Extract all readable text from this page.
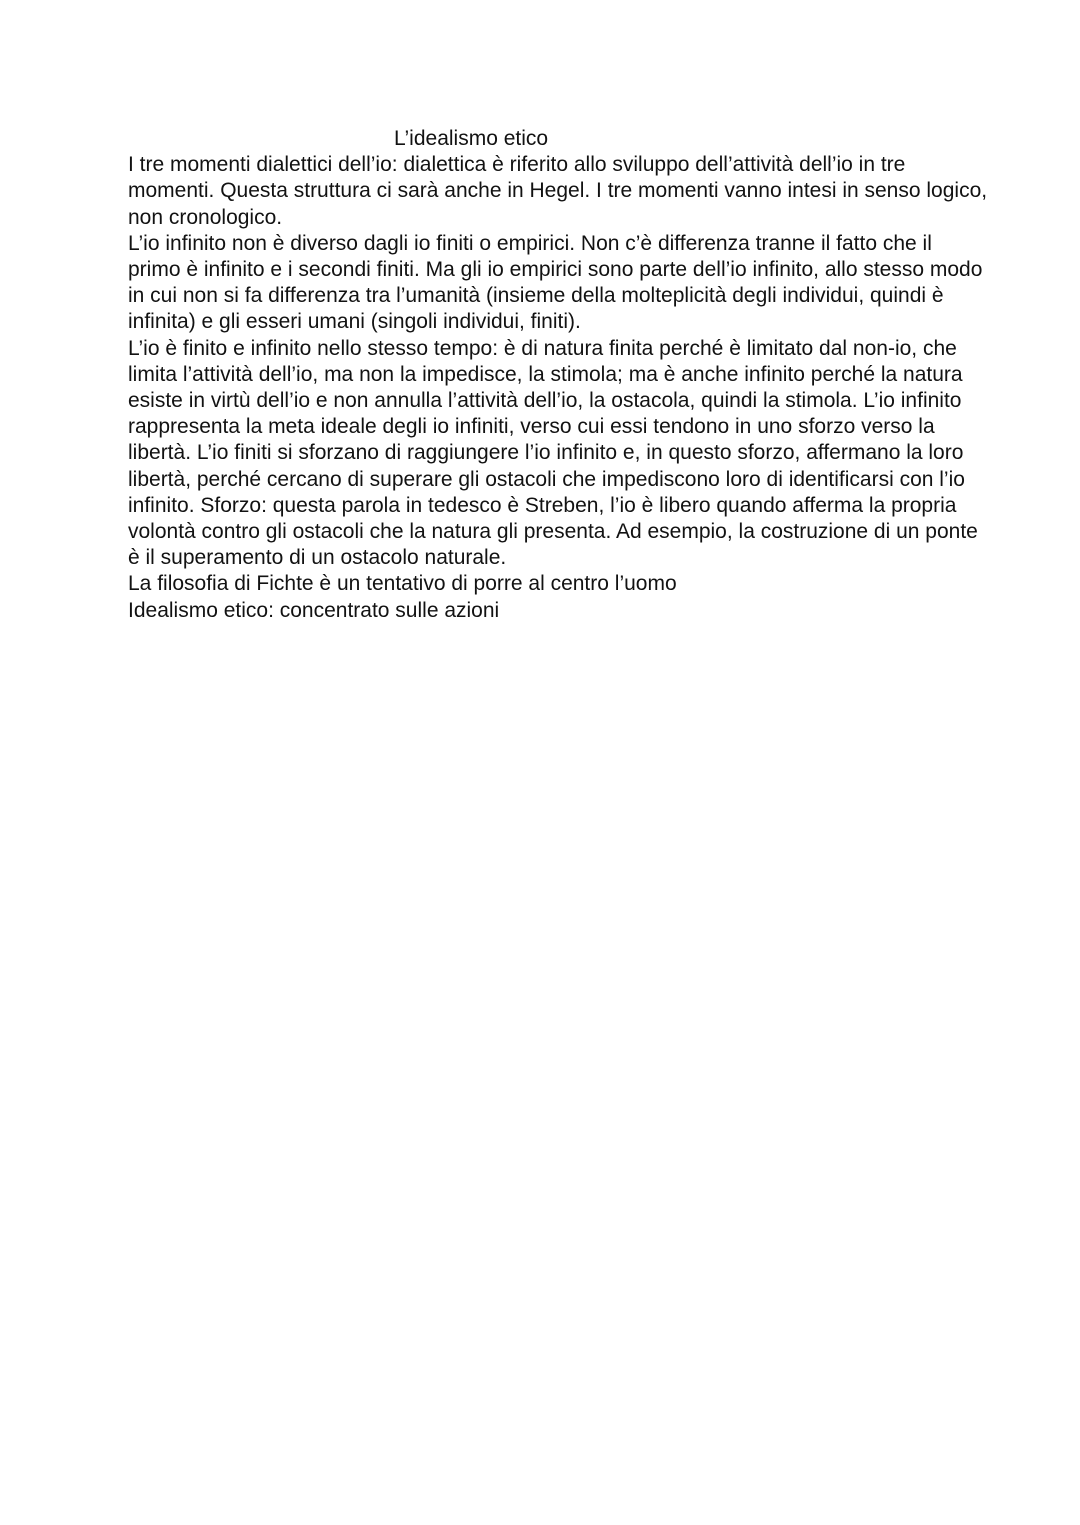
L’idealismo etico
I tre momenti dialettici dell’io: dialettica è riferito allo sviluppo dell’attività dell’io in tre
momenti. Questa struttura ci sarà anche in Hegel. I tre momenti vanno intesi in senso logico,
non cronologico.
L’io infinito non è diverso dagli io finiti o empirici. Non c’è differenza tranne il fatto che il
primo è infinito e i secondi finiti. Ma gli io empirici sono parte dell’io infinito, allo stesso modo
in cui non si fa differenza tra l’umanità (insieme della molteplicità degli individui, quindi è
infinita) e gli esseri umani (singoli individui, finiti).
L’io è finito e infinito nello stesso tempo: è di natura finita perché è limitato dal non-io, che
limita l’attività dell’io, ma non la impedisce, la stimola; ma è anche infinito perché la natura
esiste in virtù dell’io e non annulla l’attività dell’io, la ostacola, quindi la stimola. L’io infinito
rappresenta la meta ideale degli io infiniti, verso cui essi tendono in uno sforzo verso la
libertà. L’io finiti si sforzano di raggiungere l’io infinito e, in questo sforzo, affermano la loro
libertà, perché cercano di superare gli ostacoli che impediscono loro di identificarsi con l’io
infinito. Sforzo: questa parola in tedesco è Streben, l’io è libero quando afferma la propria
volontà contro gli ostacoli che la natura gli presenta. Ad esempio, la costruzione di un ponte
è il superamento di un ostacolo naturale.
La filosofia di Fichte è un tentativo di porre al centro l’uomo
Idealismo etico: concentrato sulle azioni
